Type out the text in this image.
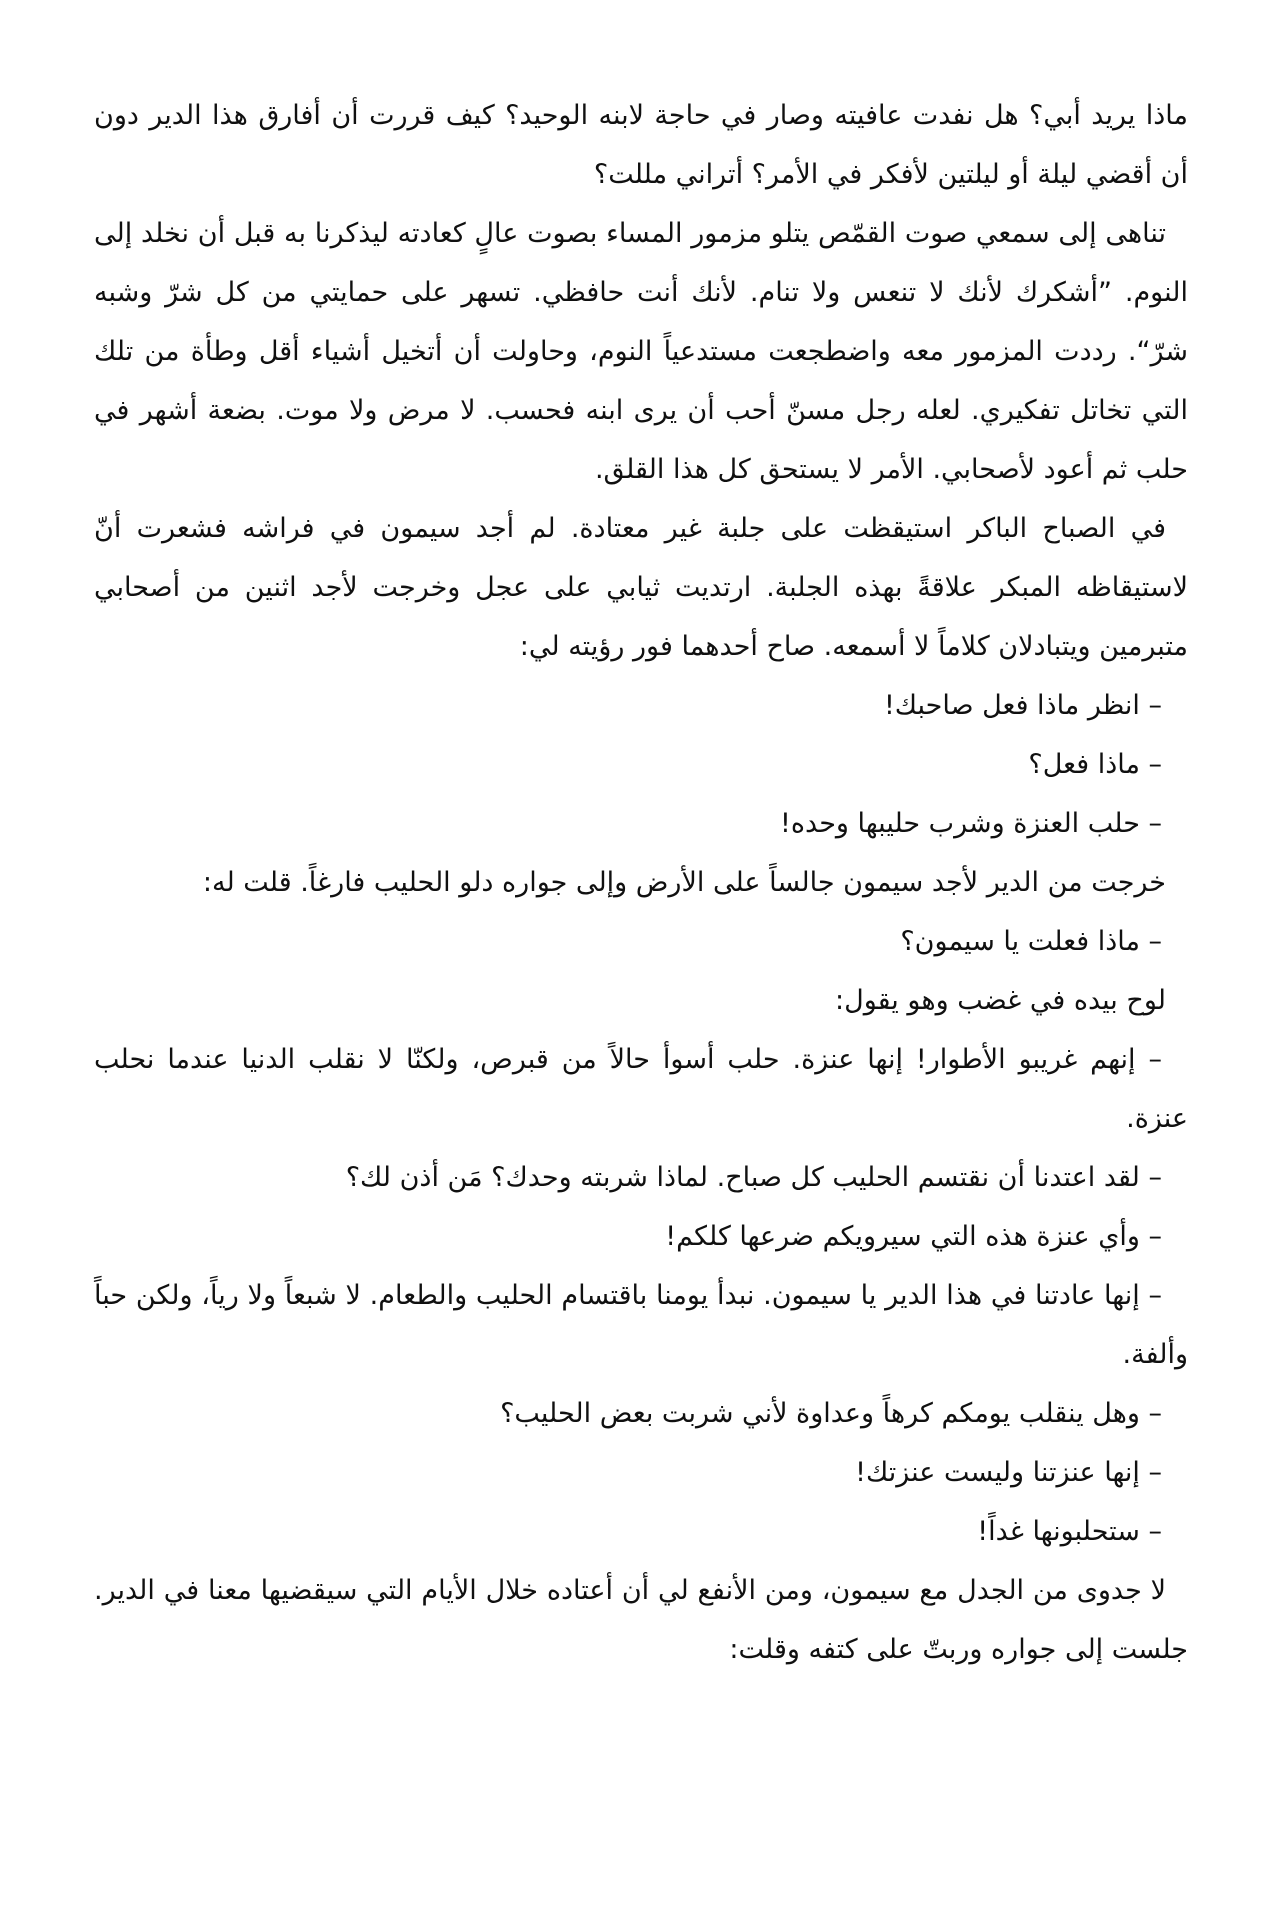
ماذا يريد أبي؟ هل نفدت عافيته وصار في حاجة لابنه الوحيد؟ كيف قررت أن أفارق هذا الدير دون أن أقضي ليلة أو ليلتين لأفكر في الأمر؟ أتراني مللت؟

تناهى إلى سمعي صوت القمّص يتلو مزمور المساء بصوت عالٍ كعادته ليذكرنا به قبل أن نخلد إلى النوم. ”أشكرك لأنك لا تنعس ولا تنام. لأنك أنت حافظي. تسهر على حمايتي من كل شرّ وشبه شرّ“. رددت المزمور معه واضطجعت مستدعياً النوم، وحاولت أن أتخيل أشياء أقل وطأة من تلك التي تخاتل تفكيري. لعله رجل مسنّ أحب أن يرى ابنه فحسب. لا مرض ولا موت. بضعة أشهر في حلب ثم أعود لأصحابي. الأمر لا يستحق كل هذا القلق.

في الصباح الباكر استيقظت على جلبة غير معتادة. لم أجد سيمون في فراشه فشعرت أنّ لاستيقاظه المبكر علاقةً بهذه الجلبة. ارتديت ثيابي على عجل وخرجت لأجد اثنين من أصحابي متبرمين ويتبادلان كلاماً لا أسمعه. صاح أحدهما فور رؤيته لي:

– انظر ماذا فعل صاحبك!

– ماذا فعل؟

– حلب العنزة وشرب حليبها وحده!

خرجت من الدير لأجد سيمون جالساً على الأرض وإلى جواره دلو الحليب فارغاً. قلت له:

– ماذا فعلت يا سيمون؟

لوح بيده في غضب وهو يقول:

– إنهم غريبو الأطوار! إنها عنزة. حلب أسوأ حالاً من قبرص، ولكنّا لا نقلب الدنيا عندما نحلب عنزة.

– لقد اعتدنا أن نقتسم الحليب كل صباح. لماذا شربته وحدك؟ مَن أذن لك؟

– وأي عنزة هذه التي سيرويكم ضرعها كلكم!

– إنها عادتنا في هذا الدير يا سيمون. نبدأ يومنا باقتسام الحليب والطعام. لا شبعاً ولا رياً، ولكن حباً وألفة.

– وهل ينقلب يومكم كرهاً وعداوة لأني شربت بعض الحليب؟

– إنها عنزتنا وليست عنزتك!

– ستحلبونها غداً!

لا جدوى من الجدل مع سيمون، ومن الأنفع لي أن أعتاده خلال الأيام التي سيقضيها معنا في الدير. جلست إلى جواره وربتّ على كتفه وقلت:
